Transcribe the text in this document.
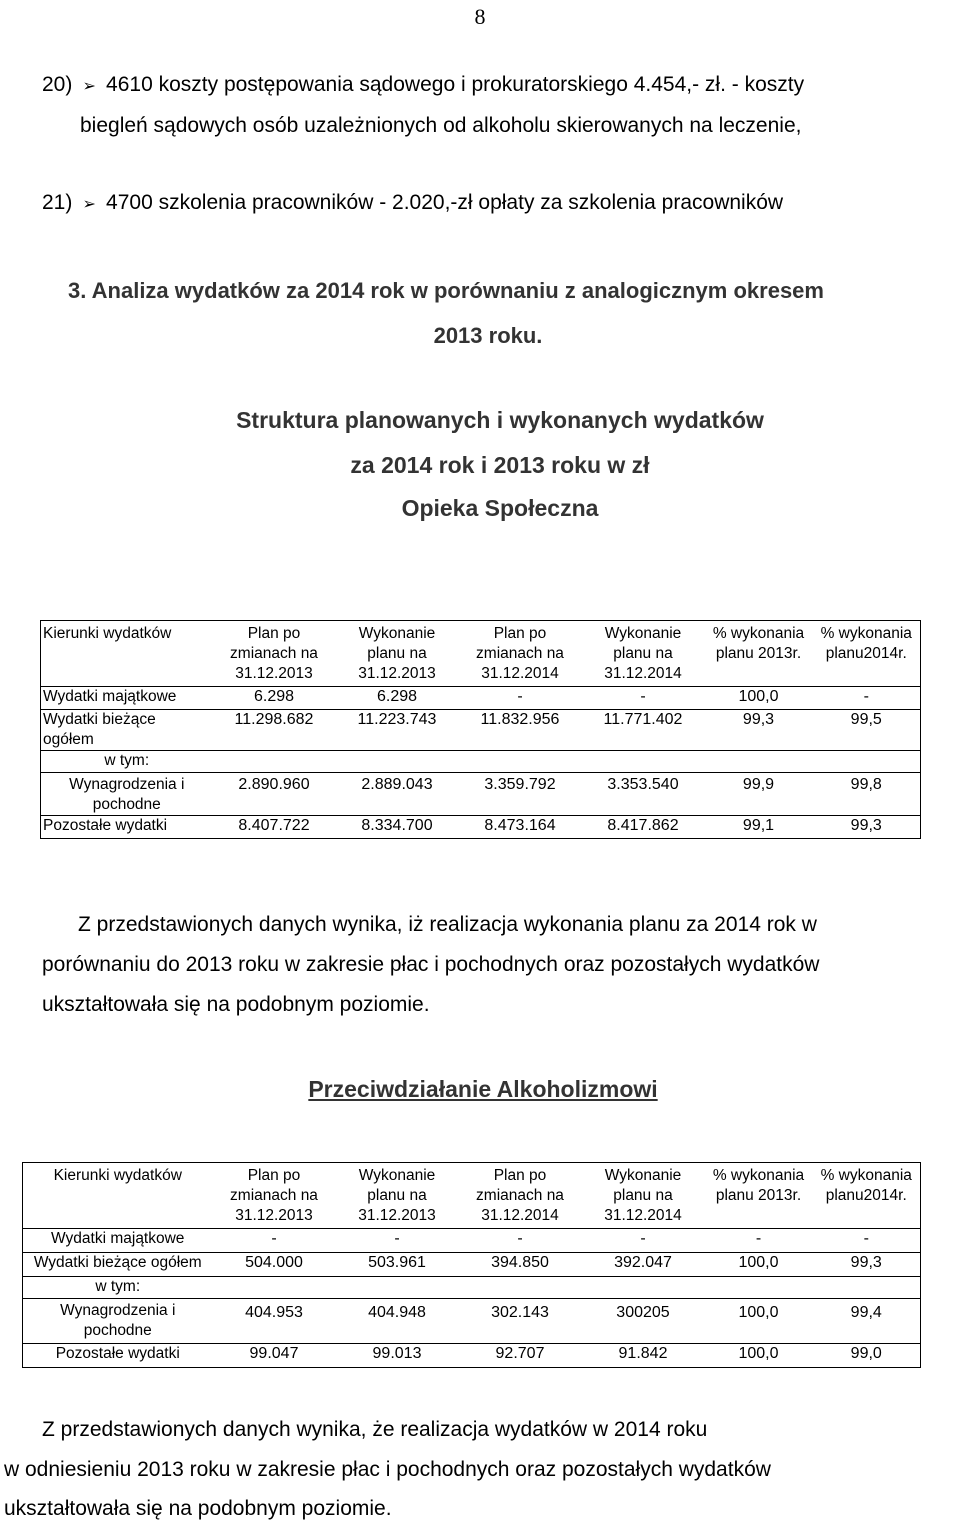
8
20) ➢ 4610 koszty postępowania sądowego i prokuratorskiego 4.454,- zł. - koszty
biegleń sądowych osób uzależnionych od alkoholu skierowanych na leczenie,
21) ➢ 4700 szkolenia pracowników - 2.020,-zł opłaty za szkolenia pracowników
3. Analiza wydatków za 2014 rok w porównaniu z analogicznym okresem
2013 roku.
Struktura planowanych i wykonanych wydatków
za 2014 rok i 2013 roku w zł
Opieka Społeczna
Kierunki wydatków	Plan po
zmianach na
31.12.2013	Wykonanie
planu na
31.12.2013	Plan po
zmianach na
31.12.2014	Wykonanie
planu na
31.12.2014	% wykonania
planu 2013r.	% wykonania
planu2014r.
Wydatki majątkowe	6.298	6.298	-	-	100,0	-
Wydatki bieżące ogółem	11.298.682	11.223.743	11.832.956	11.771.402	99,3	99,5
w tym:						
Wynagrodzenia i
pochodne	2.890.960	2.889.043	3.359.792	3.353.540	99,9	99,8
Pozostałe wydatki	8.407.722	8.334.700	8.473.164	8.417.862	99,1	99,3
Z przedstawionych danych wynika, iż realizacja wykonania planu za 2014 rok w
porównaniu do 2013 roku w zakresie płac i pochodnych oraz pozostałych wydatków
ukształtowała się na podobnym poziomie.
Przeciwdziałanie Alkoholizmowi
Kierunki wydatków	Plan po
zmianach na
31.12.2013	Wykonanie
planu na
31.12.2013	Plan po
zmianach na
31.12.2014	Wykonanie
planu na
31.12.2014	% wykonania
planu 2013r.	% wykonania
planu2014r.
Wydatki majątkowe	-	-	-	-	-	-
Wydatki bieżące ogółem	504.000	503.961	394.850	392.047	100,0	99,3
w tym:						
Wynagrodzenia i
pochodne	404.953	404.948	302.143	300205	100,0	99,4
Pozostałe wydatki	99.047	99.013	92.707	91.842	100,0	99,0
Z przedstawionych danych wynika, że realizacja wydatków w 2014 roku
w odniesieniu 2013 roku w zakresie płac i pochodnych oraz pozostałych wydatków
ukształtowała się na podobnym poziomie.
